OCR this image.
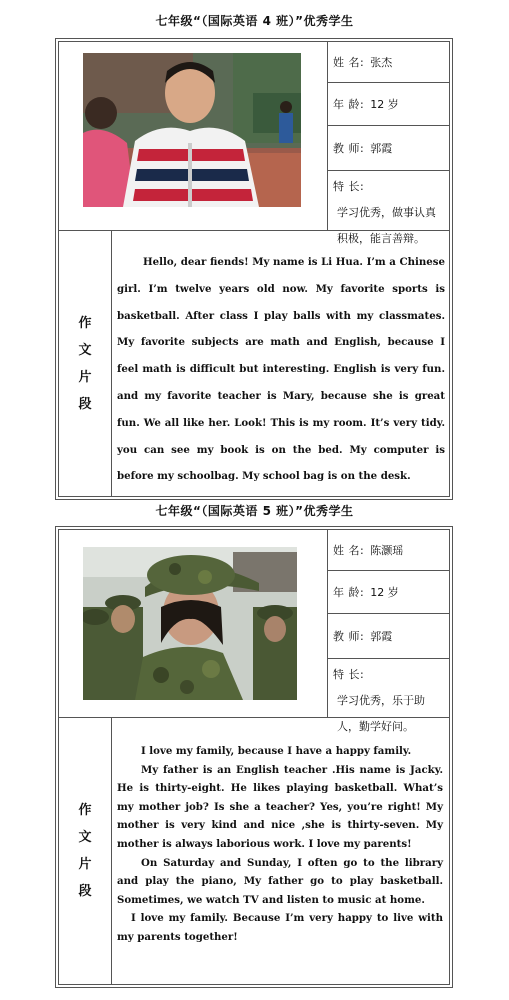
七年级“（国际英语 4 班）”优秀学生
姓 名: 张杰
年 龄: 12 岁
教 师: 郭霞
特 长:
学习优秀，做事认真积极，能言善辩。
作
文
片
段

Hello, dear fiends! My name is Li Hua. I’m a Chinese girl. I’m twelve years old now. My favorite sports is basketball. After class I play balls with my classmates. My favorite subjects are math and English, because I feel math is difficult but interesting. English is very fun. and my favorite teacher is Mary, because she is great fun. We all like her. Look! This is my room. It’s very tidy. you can see my book is on the bed. My computer is before my schoolbag. My school bag is on the desk.

七年级“（国际英语 5 班）”优秀学生
姓 名: 陈灏瑶
年 龄: 12 岁
教 师: 郭霞
特 长:
学习优秀，乐于助人，勤学好问。
作
文
片
段

I love my family, because I have a happy family.

My father is an English teacher .His name is Jacky. He is thirty-eight. He likes playing basketball. What’s my mother job? Is she a teacher? Yes, you’re right! My mother is very kind and nice ,she is thirty-seven. My mother is always laborious work. I love my parents!

On Saturday and Sunday, I often go to the library and play the piano, My father go to play basketball. Sometimes, we watch TV and listen to music at home.

I love my family. Because I’m very happy to live with my parents together!
